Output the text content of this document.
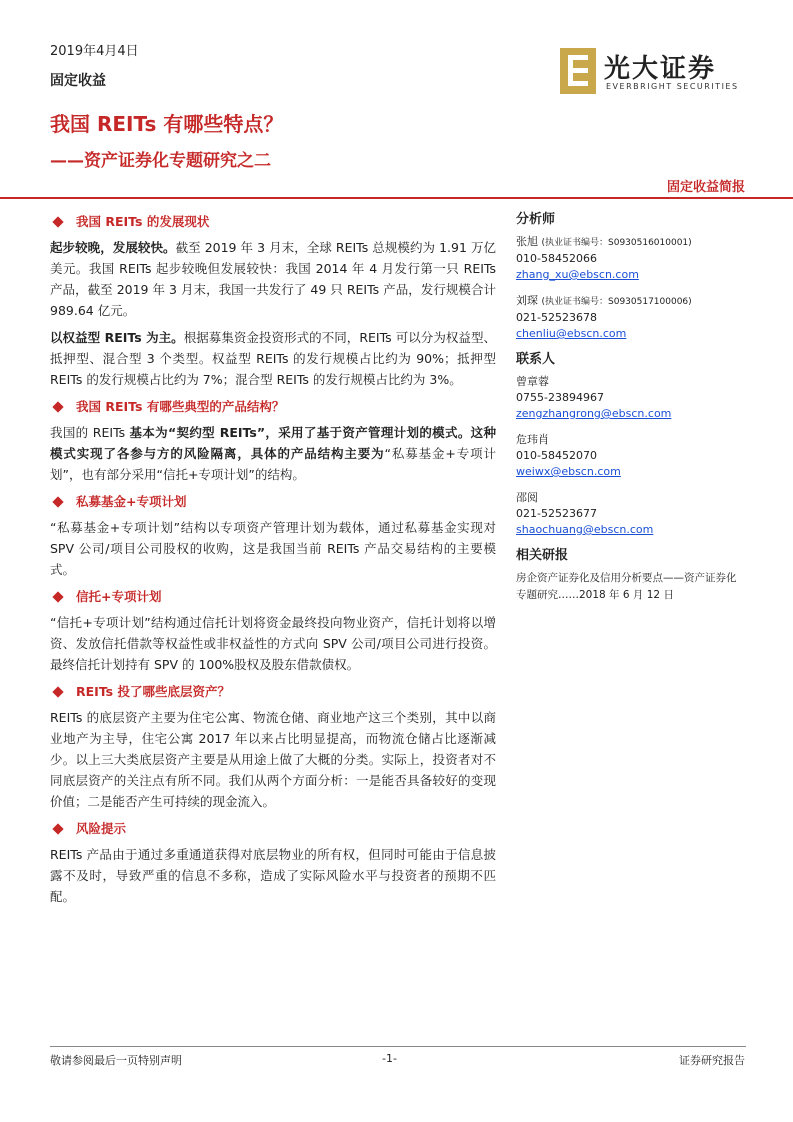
2019年4月4日
固定收益
我国 REITs 有哪些特点？
——资产证券化专题研究之二
光大证券
EVERBRIGHT SECURITIES
固定收益简报
我国 REITs 的发展现状

起步较晚，发展较快。截至 2019 年 3 月末，全球 REITs 总规模约为 1.91 万亿美元。我国 REITs 起步较晚但发展较快：我国 2014 年 4 月发行第一只 REITs 产品，截至 2019 年 3 月末，我国一共发行了 49 只 REITs 产品，发行规模合计 989.64 亿元。

以权益型 REITs 为主。根据募集资金投资形式的不同，REITs 可以分为权益型、抵押型、混合型 3 个类型。权益型 REITs 的发行规模占比约为 90%；抵押型 REITs 的发行规模占比约为 7%；混合型 REITs 的发行规模占比约为 3%。

我国 REITs 有哪些典型的产品结构？

我国的 REITs 基本为“契约型 REITs”，采用了基于资产管理计划的模式。这种模式实现了各参与方的风险隔离，具体的产品结构主要为“私募基金+专项计划”，也有部分采用“信托+专项计划”的结构。

私募基金+专项计划

“私募基金+专项计划”结构以专项资产管理计划为载体，通过私募基金实现对 SPV 公司/项目公司股权的收购，这是我国当前 REITs 产品交易结构的主要模式。

信托+专项计划

“信托+专项计划”结构通过信托计划将资金最终投向物业资产，信托计划将以增资、发放信托借款等权益性或非权益性的方式向 SPV 公司/项目公司进行投资。最终信托计划持有 SPV 的 100%股权及股东借款债权。

REITs 投了哪些底层资产？

REITs 的底层资产主要为住宅公寓、物流仓储、商业地产这三个类别，其中以商业地产为主导，住宅公寓 2017 年以来占比明显提高，而物流仓储占比逐渐减少。以上三大类底层资产主要是从用途上做了大概的分类。实际上，投资者对不同底层资产的关注点有所不同。我们从两个方面分析：一是能否具备较好的变现价值；二是能否产生可持续的现金流入。

风险提示

REITs 产品由于通过多重通道获得对底层物业的所有权，但同时可能由于信息披露不及时，导致严重的信息不多称，造成了实际风险水平与投资者的预期不匹配。

分析师
张旭 (执业证书编号：S0930516010001)
010-58452066
zhang_xu@ebscn.com
刘琛 (执业证书编号：S0930517100006)
021-52523678
chenliu@ebscn.com
联系人
曾章蓉
0755-23894967
zengzhangrong@ebscn.com
危玮肖
010-58452070
weiwx@ebscn.com
邵阅
021-52523677
shaochuang@ebscn.com
相关研报
房企资产证券化及信用分析要点——资产证券化专题研究……2018 年 6 月 12 日
敬请参阅最后一页特别声明	-1-	证券研究报告
